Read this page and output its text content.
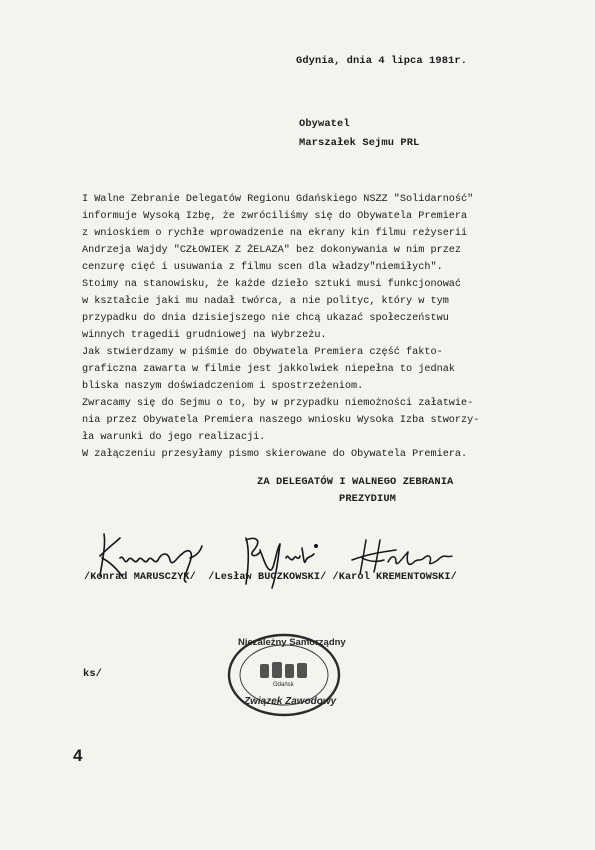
Gdynia, dnia 4 lipca 1981r.
Obywatel
Marszałek Sejmu PRL
I Walne Zebranie Delegatów Regionu Gdańskiego NSZZ "Solidarność"
informuje Wysoką Izbę, że zwróciliśmy się do Obywatela Premiera
z wnioskiem o rychłe wprowadzenie na ekrany kin filmu reżyserii
Andrzeja Wajdy "CZŁOWIEK Z ŻELAZA" bez dokonywania w nim przez
cenzurę cięć i usuwania z filmu scen dla władzy"niemiłych".
Stoimy na stanowisku, że każde dzieło sztuki musi funkcjonować
w kształcie jaki mu nadał twórca, a nie polityc, który w tym
przypadku do dnia dzisiejszego nie chcą ukazać społeczeństwu
winnych tragedii grudniowej na Wybrzeżu.
Jak stwierdzamy w piśmie do Obywatela Premiera część fakto-
graficzna zawarta w filmie jest jakkolwiek niepełna to jednak
bliska naszym doświadczeniom i spostrzeżeniom.
Zwracamy się do Sejmu o to, by w przypadku niemożności załatwie-
nia przez Obywatela Premiera naszego wniosku Wysoka Izba stworzy-
ła warunki do jego realizacji.
W załączeniu przesyłamy pismo skierowane do Obywatela Premiera.
ZA DELEGATÓW I WALNEGO ZEBRANIA
PREZYDIUM
/Konrad MARUSCZYK/  /Lesław BUCZKOWSKI/ /Karol KREMENTOWSKI/
ks/
Niezależny Samorządny
Gdańsk
Związek Zawodowy
4
